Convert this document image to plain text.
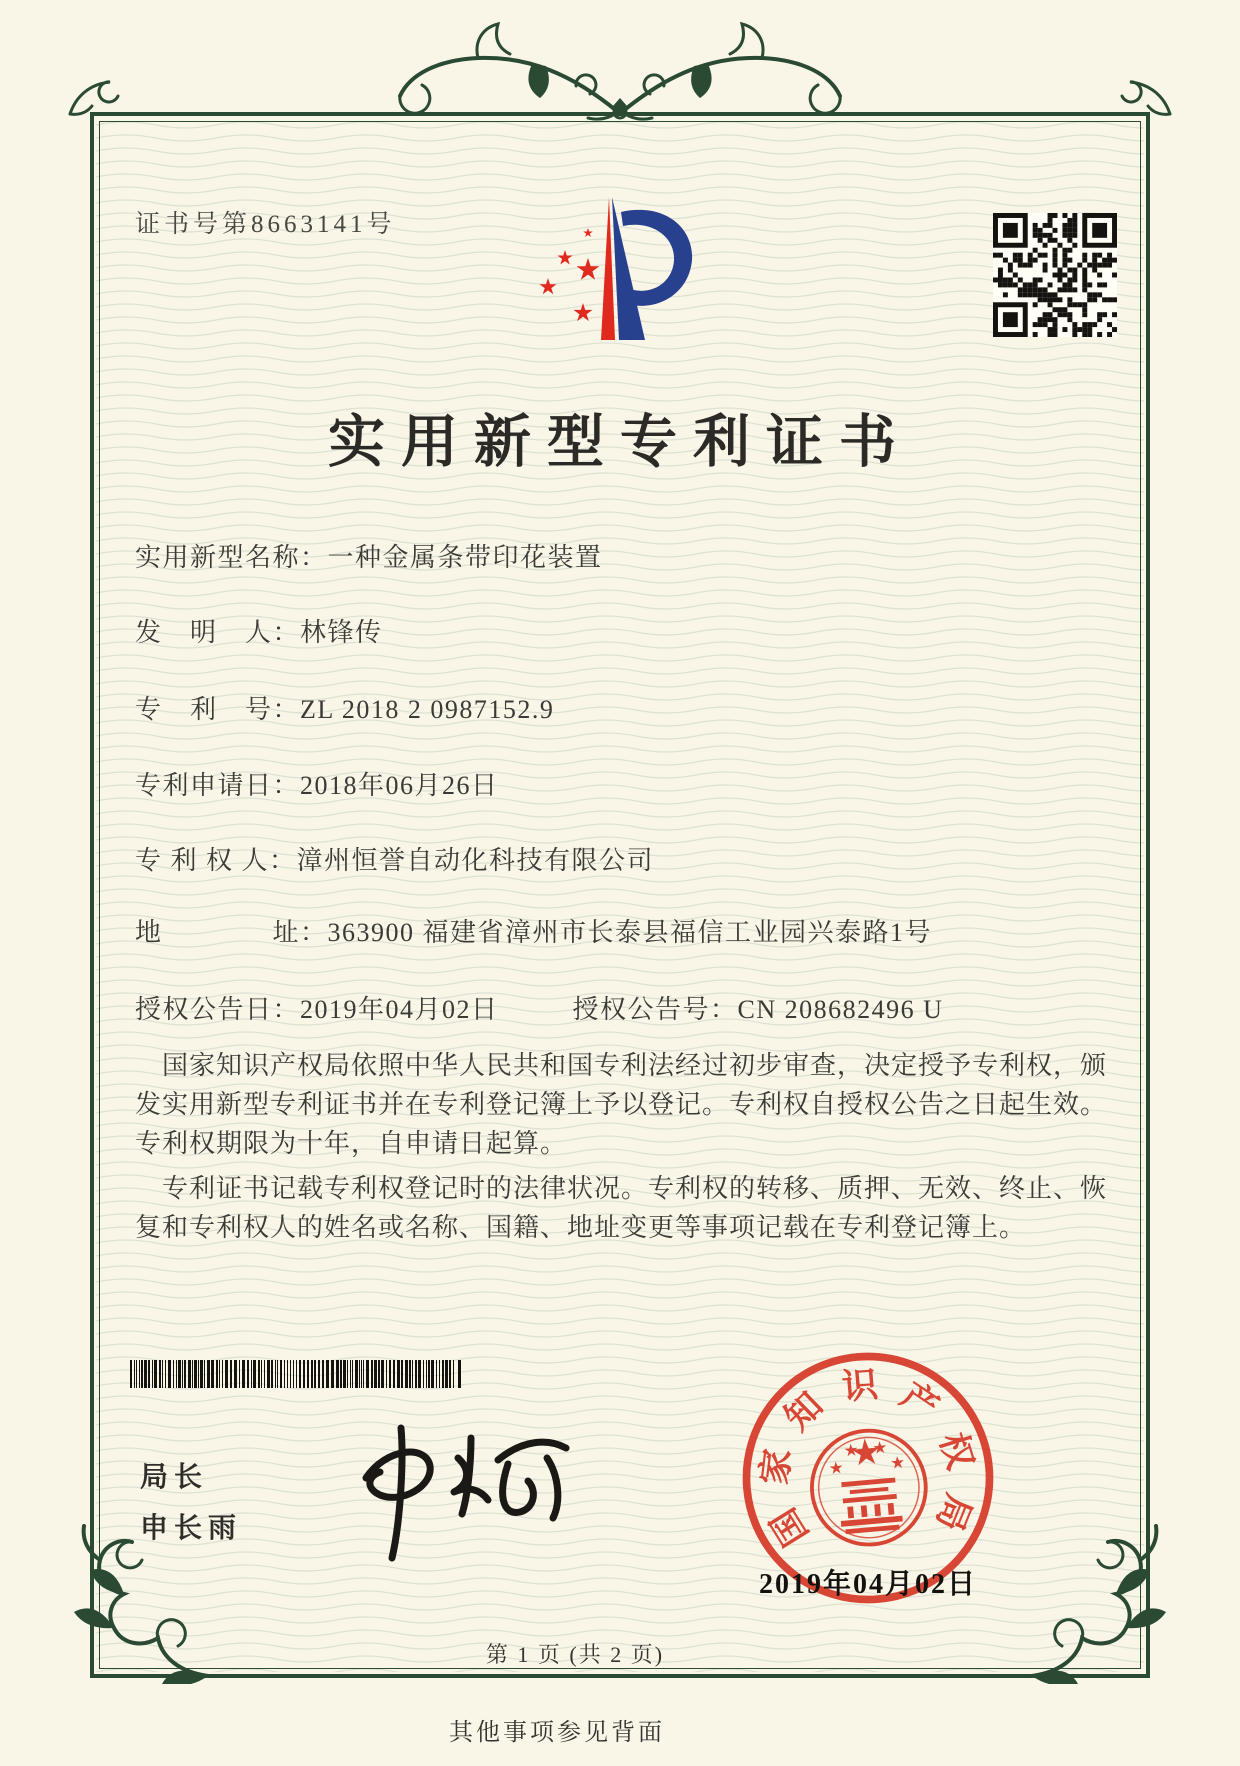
证书号第8663141号
实用新型专利证书
实用新型名称：一种金属条带印花装置
发　明　人：林锋传
专　利　号：ZL 2018 2 0987152.9
专利申请日：2018年06月26日
专 利 权 人：漳州恒誉自动化科技有限公司
地　　　　址：363900 福建省漳州市长泰县福信工业园兴泰路1号
授权公告日：2019年04月02日	授权公告号：CN 208682496 U

国家知识产权局依照中华人民共和国专利法经过初步审查，决定授予专利权，颁发实用新型专利证书并在专利登记簿上予以登记。专利权自授权公告之日起生效。专利权期限为十年，自申请日起算。

专利证书记载专利权登记时的法律状况。专利权的转移、质押、无效、终止、恢复和专利权人的姓名或名称、国籍、地址变更等事项记载在专利登记簿上。

局长
申长雨	国
家
知 识 产
权
局
2019年04月02日
第 1 页 (共 2 页)
其他事项参见背面
